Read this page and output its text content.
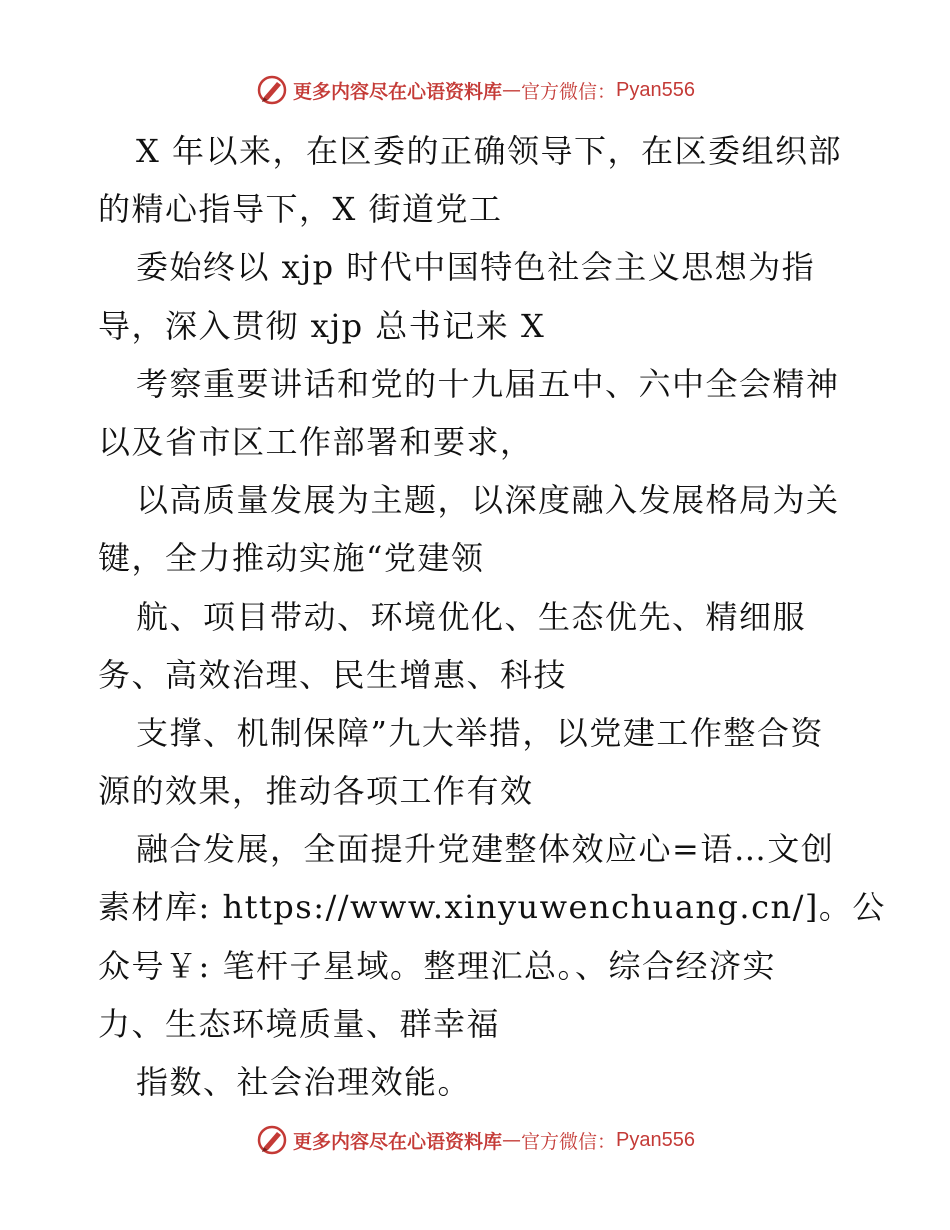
更多内容尽在心语资料库 — 官方微信： Pyan556
X 年以来，在区委的正确领导下，在区委组织部
的精心指导下，X 街道党工
委始终以 xjp 时代中国特色社会主义思想为指
导，深入贯彻 xjp 总书记来 X
考察重要讲话和党的十九届五中、六中全会精神
以及省市区工作部署和要求，
以高质量发展为主题，以深度融入发展格局为关
键，全力推动实施“党建领
航、项目带动、环境优化、生态优先、精细服
务、高效治理、民生增惠、科技
支撑、机制保障”九大举措，以党建工作整合资
源的效果，推动各项工作有效
融合发展，全面提升党建整体效应心=语…文创
素材库: https://www.xinyuwenchuang.cn/]。公
众号￥: 笔杆子星域。整理汇总。、综合经济实
力、生态环境质量、群幸福
指数、社会治理效能。
更多内容尽在心语资料库 — 官方微信： Pyan556
